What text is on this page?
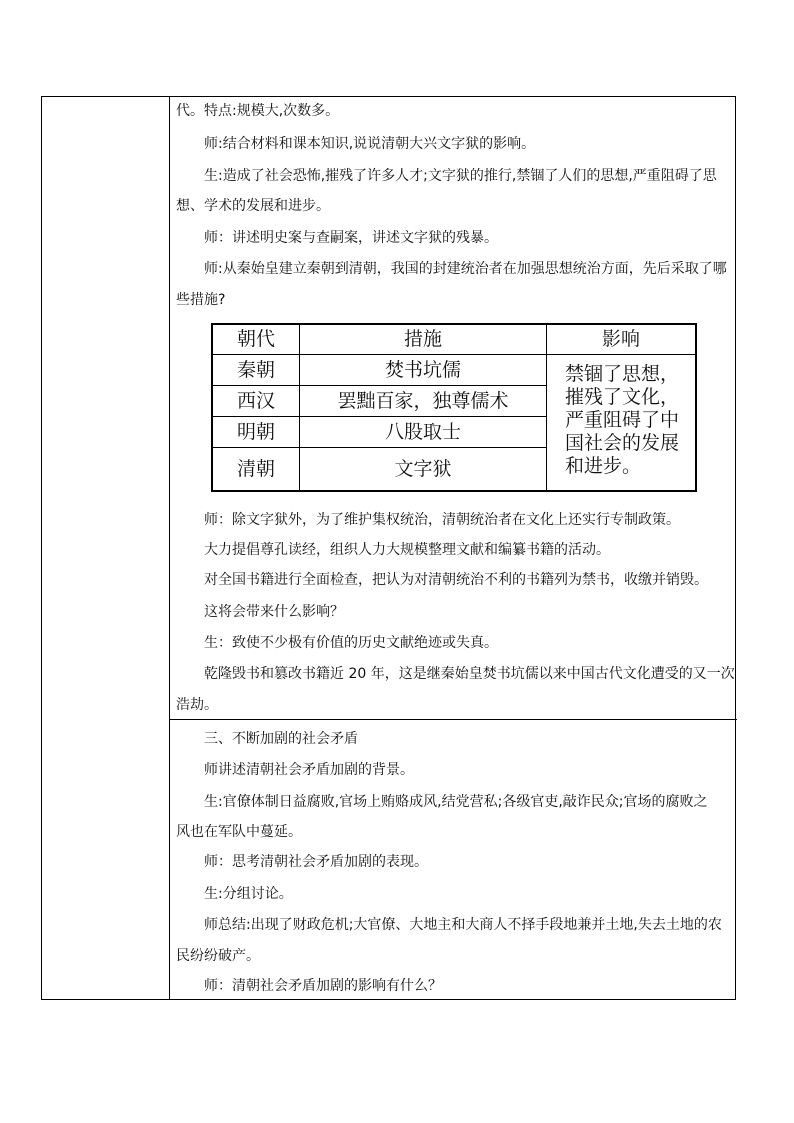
代。特点:规模大,次数多。
师:结合材料和课本知识,说说清朝大兴文字狱的影响。
生:造成了社会恐怖,摧残了许多人才;文字狱的推行,禁锢了人们的思想,严重阻碍了思
想、学术的发展和进步。
师：讲述明史案与查嗣案，讲述文字狱的残暴。
师:从秦始皇建立秦朝到清朝，我国的封建统治者在加强思想统治方面，先后采取了哪
些措施?
朝代	措施	影响
秦朝	焚书坑儒
西汉	罢黜百家，独尊儒术
明朝	八股取士
清朝	文字狱
禁锢了思想，
摧残了文化，
严重阻碍了中
国社会的发展
和进步。
师：除文字狱外，为了维护集权统治，清朝统治者在文化上还实行专制政策。
大力提倡尊孔读经，组织人力大规模整理文献和编纂书籍的活动。
对全国书籍进行全面检查，把认为对清朝统治不利的书籍列为禁书，收缴并销毁。
这将会带来什么影响？
生：致使不少极有价值的历史文献绝迹或失真。
乾隆毁书和篡改书籍近 20 年，这是继秦始皇焚书坑儒以来中国古代文化遭受的又一次
浩劫。
三、不断加剧的社会矛盾
师讲述清朝社会矛盾加剧的背景。
生:官僚体制日益腐败,官场上贿赂成风,结党营私;各级官吏,敲诈民众;官场的腐败之
风也在军队中蔓延。
师：思考清朝社会矛盾加剧的表现。
生:分组讨论。
师总结:出现了财政危机;大官僚、大地主和大商人不择手段地兼并土地,失去土地的农
民纷纷破产。
师：清朝社会矛盾加剧的影响有什么？
